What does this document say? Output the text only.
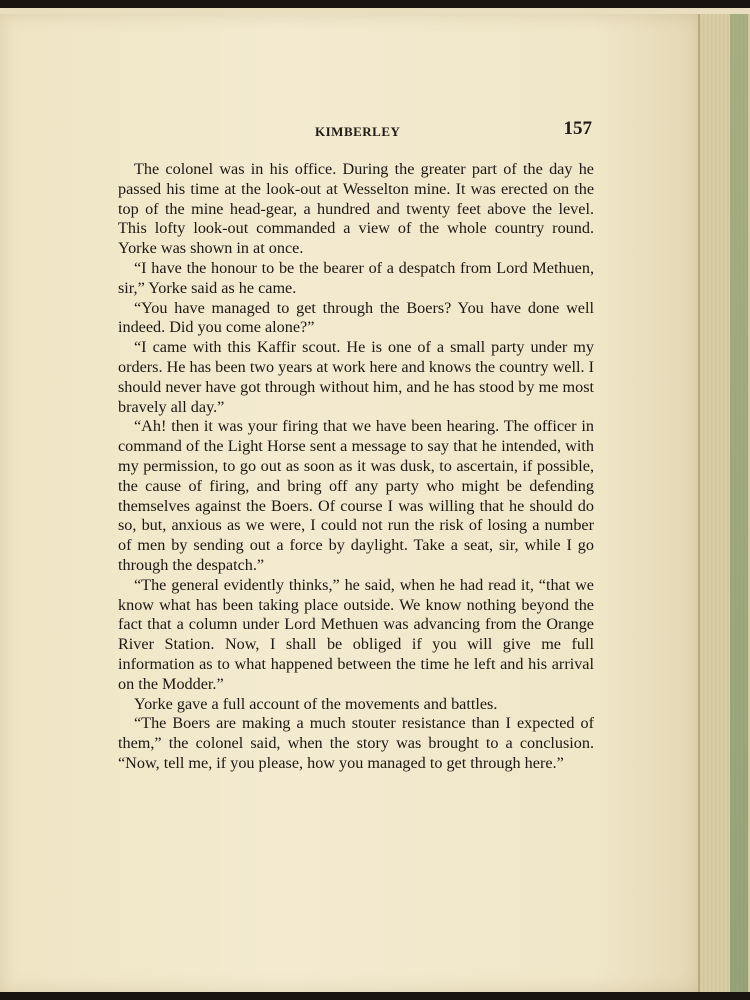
KIMBERLEY	157

The colonel was in his office. During the greater part of the day he passed his time at the look-out at Wesselton mine. It was erected on the top of the mine head-gear, a hundred and twenty feet above the level. This lofty look-out commanded a view of the whole country round. Yorke was shown in at once.

“I have the honour to be the bearer of a despatch from Lord Methuen, sir,” Yorke said as he came.

“You have managed to get through the Boers? You have done well indeed. Did you come alone?”

“I came with this Kaffir scout. He is one of a small party under my orders. He has been two years at work here and knows the country well. I should never have got through without him, and he has stood by me most bravely all day.”

“Ah! then it was your firing that we have been hearing. The officer in command of the Light Horse sent a message to say that he intended, with my permission, to go out as soon as it was dusk, to ascertain, if possible, the cause of firing, and bring off any party who might be defending themselves against the Boers. Of course I was willing that he should do so, but, anxious as we were, I could not run the risk of losing a number of men by sending out a force by daylight. Take a seat, sir, while I go through the despatch.”

“The general evidently thinks,” he said, when he had read it, “that we know what has been taking place outside. We know nothing beyond the fact that a column under Lord Methuen was advancing from the Orange River Station. Now, I shall be obliged if you will give me full information as to what happened between the time he left and his arrival on the Modder.”

Yorke gave a full account of the movements and battles.

“The Boers are making a much stouter resistance than I expected of them,” the colonel said, when the story was brought to a conclusion. “Now, tell me, if you please, how you managed to get through here.”
